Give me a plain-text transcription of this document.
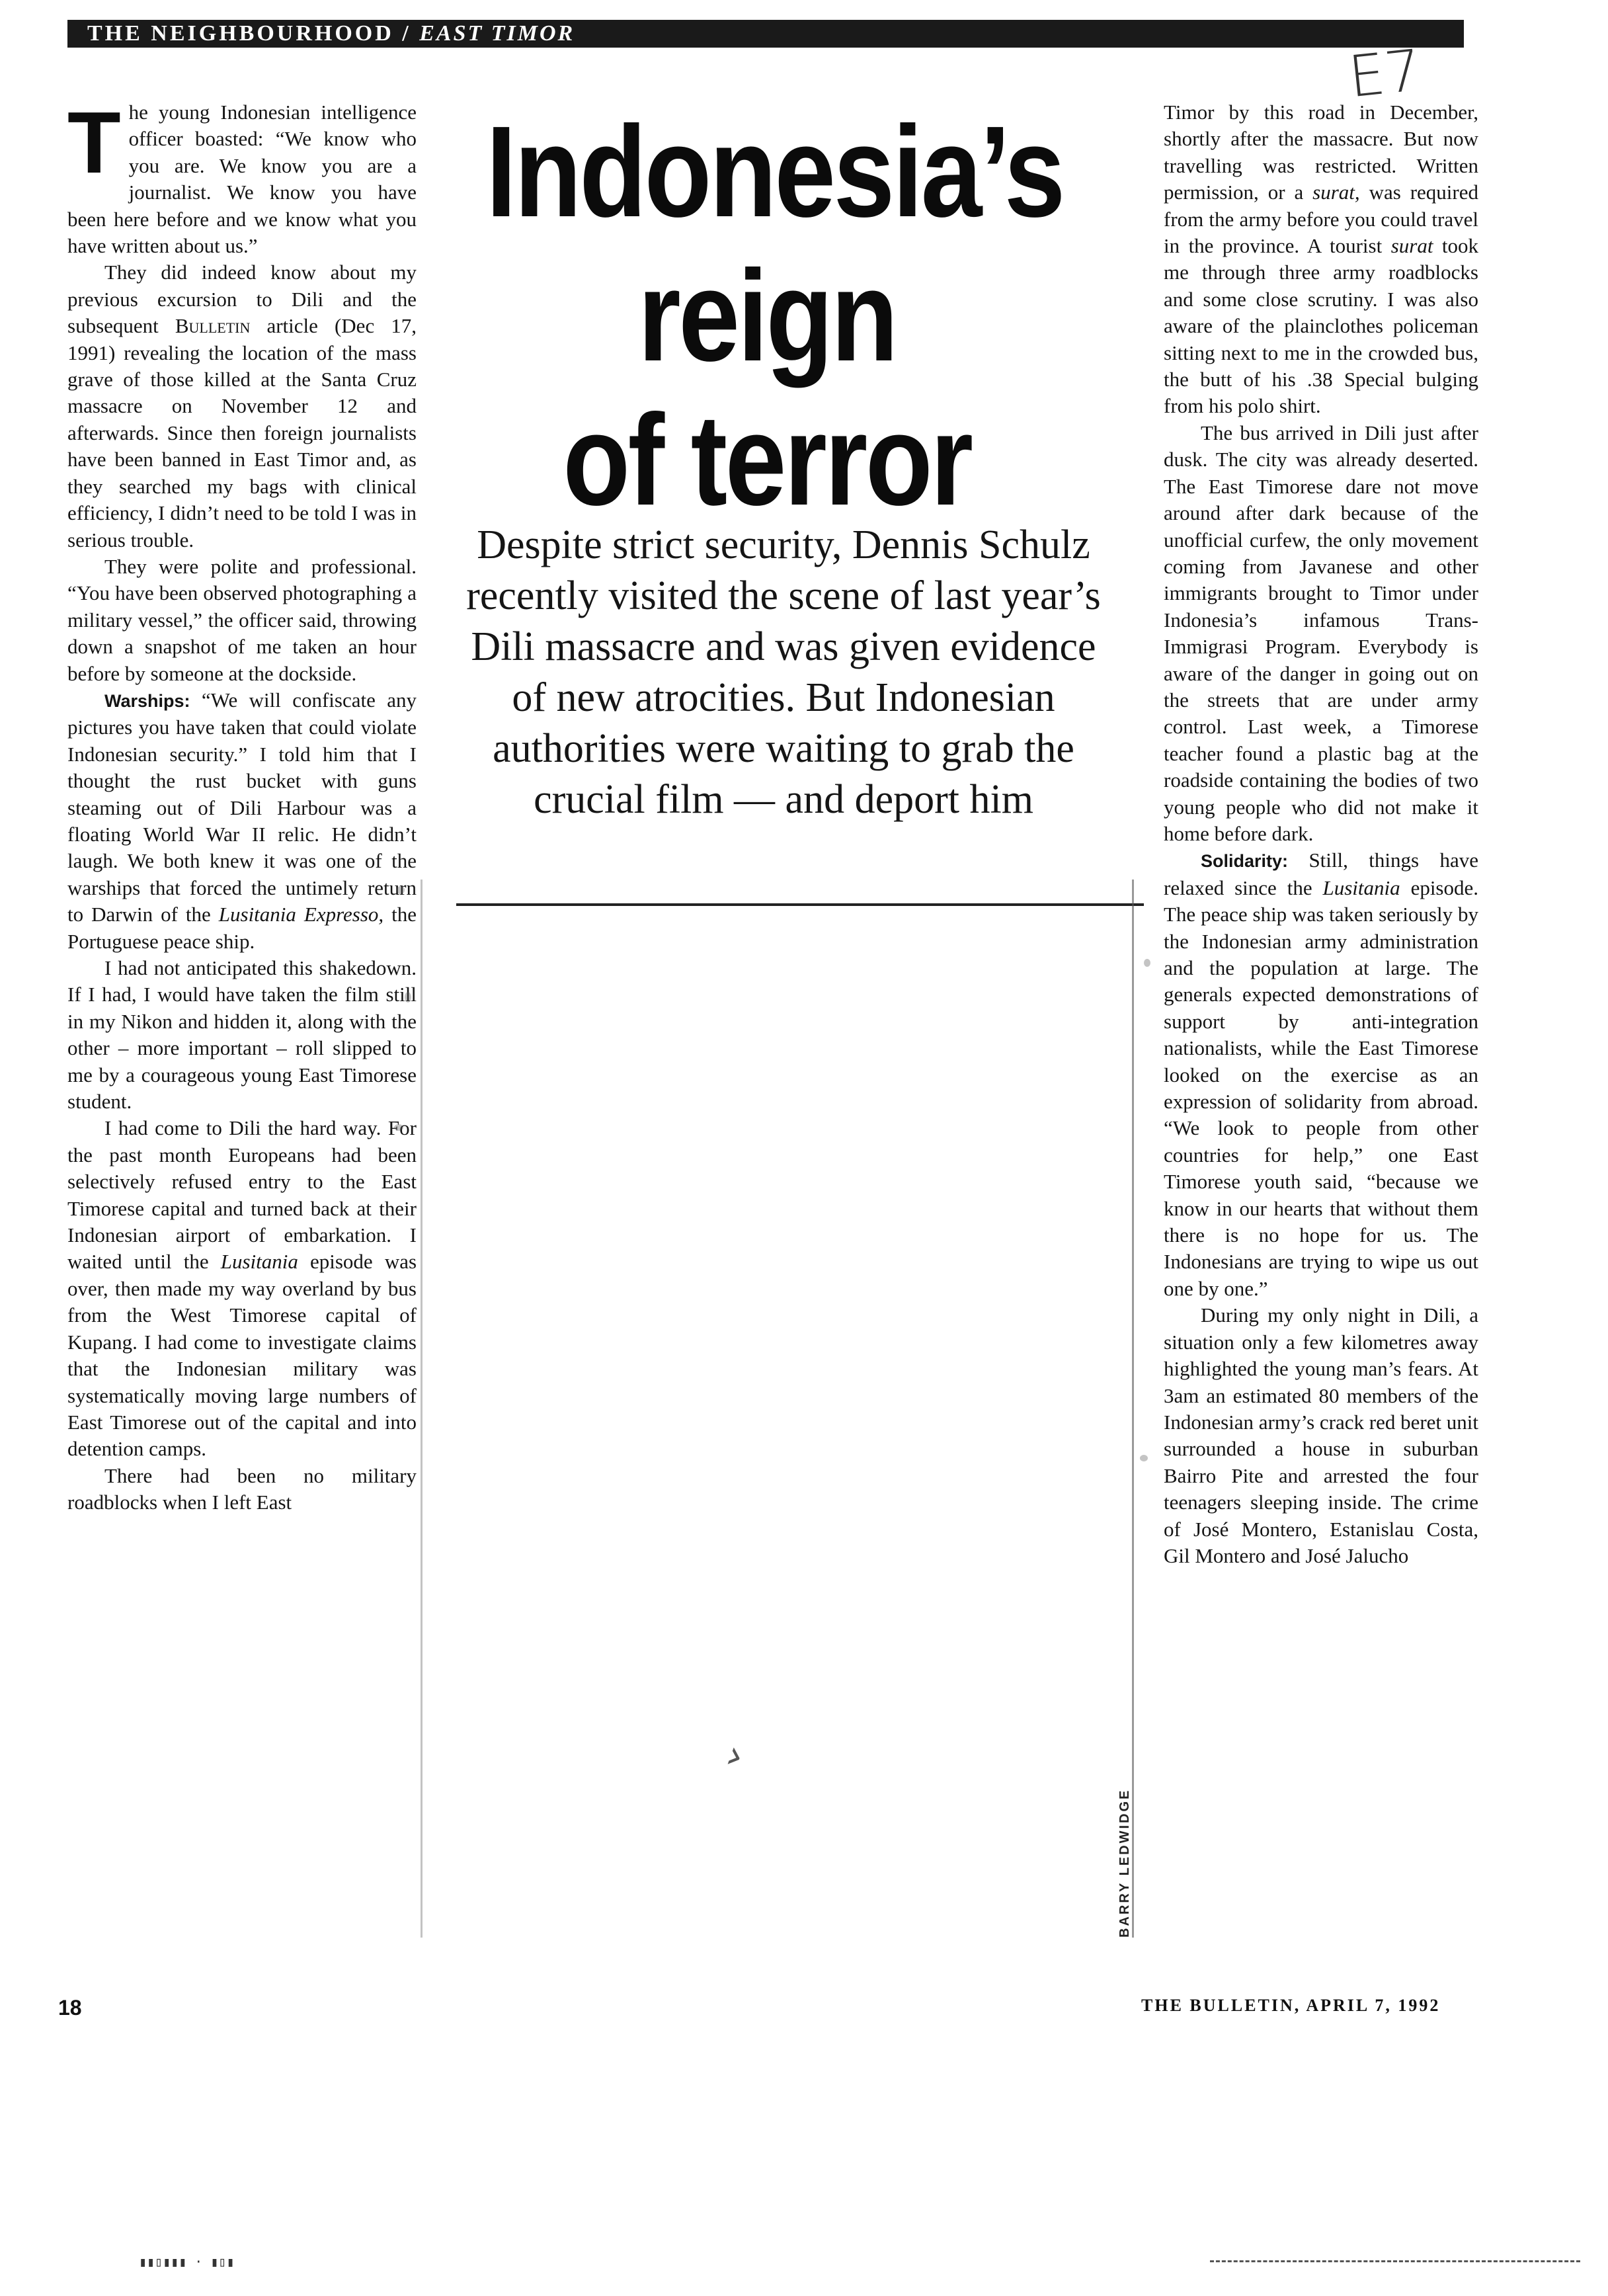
THE NEIGHBOURHOOD / EAST TIMOR
E7

The young Indonesian intelligence officer boasted: “We know who you are. We know you are a journalist. We know you have been here before and we know what you have written about us.”

They did indeed know about my previous excursion to Dili and the subsequent Bulletin article (Dec 17, 1991) revealing the location of the mass grave of those killed at the Santa Cruz massacre on November 12 and afterwards. Since then foreign journalists have been banned in East Timor and, as they searched my bags with clinical efficiency, I didn’t need to be told I was in serious trouble.

They were polite and professional. “You have been observed photographing a military vessel,” the officer said, throwing down a snapshot of me taken an hour before by someone at the dockside.

Warships: “We will confiscate any pictures you have taken that could violate Indonesian security.” I told him that I thought the rust bucket with guns steaming out of Dili Harbour was a floating World War II relic. He didn’t laugh. We both knew it was one of the warships that forced the untimely return to Darwin of the Lusitania Expresso, the Portuguese peace ship.

I had not anticipated this shakedown. If I had, I would have taken the film still in my Nikon and hidden it, along with the other – more important – roll slipped to me by a courageous young East Timorese student.

I had come to Dili the hard way. For the past month Europeans had been selectively refused entry to the East Timorese capital and turned back at their Indonesian airport of embarkation. I waited until the Lusitania episode was over, then made my way overland by bus from the West Timorese capital of Kupang. I had come to investigate claims that the Indonesian military was systematically moving large numbers of East Timorese out of the capital and into detention camps.

There had been no military roadblocks when I left East

Indonesia’s
reign
of terror
Despite strict security, Dennis Schulz recently visited the scene of last year’s Dili massacre and was given evidence of new atrocities. But Indonesian authorities were waiting to grab the crucial film — and deport him

Timor by this road in December, shortly after the massacre. But now travelling was restricted. Written permission, or a surat, was required from the army before you could travel in the province. A tourist surat took me through three army roadblocks and some close scrutiny. I was also aware of the plainclothes policeman sitting next to me in the crowded bus, the butt of his .38 Special bulging from his polo shirt.

The bus arrived in Dili just after dusk. The city was already deserted. The East Timorese dare not move around after dark because of the unofficial curfew, the only movement coming from Javanese and other immigrants brought to Timor under Indonesia’s infamous Trans-Immigrasi Program. Everybody is aware of the danger in going out on the streets that are under army control. Last week, a Timorese teacher found a plastic bag at the roadside containing the bodies of two young people who did not make it home before dark.

Solidarity: Still, things have relaxed since the Lusitania episode. The peace ship was taken seriously by the Indonesian army administration and the population at large. The generals expected demonstrations of support by anti-integration nationalists, while the East Timorese looked on the exercise as an expression of solidarity from abroad. “We look to people from other countries for help,” one East Timorese youth said, “because we know in our hearts that without them there is no hope for us. The Indonesians are trying to wipe us out one by one.”

During my only night in Dili, a situation only a few kilometres away highlighted the young man’s fears. At 3am an estimated 80 members of the Indonesian army’s crack red beret unit surrounded a house in suburban Bairro Pite and arrested the four teenagers sleeping inside. The crime of José Montero, Estanislau Costa, Gil Montero and José Jalucho

BARRY LEDWIDGE
›
18	THE BULLETIN, APRIL 7, 1992
▮▮▯▮▮▮ · ▮▯▮
